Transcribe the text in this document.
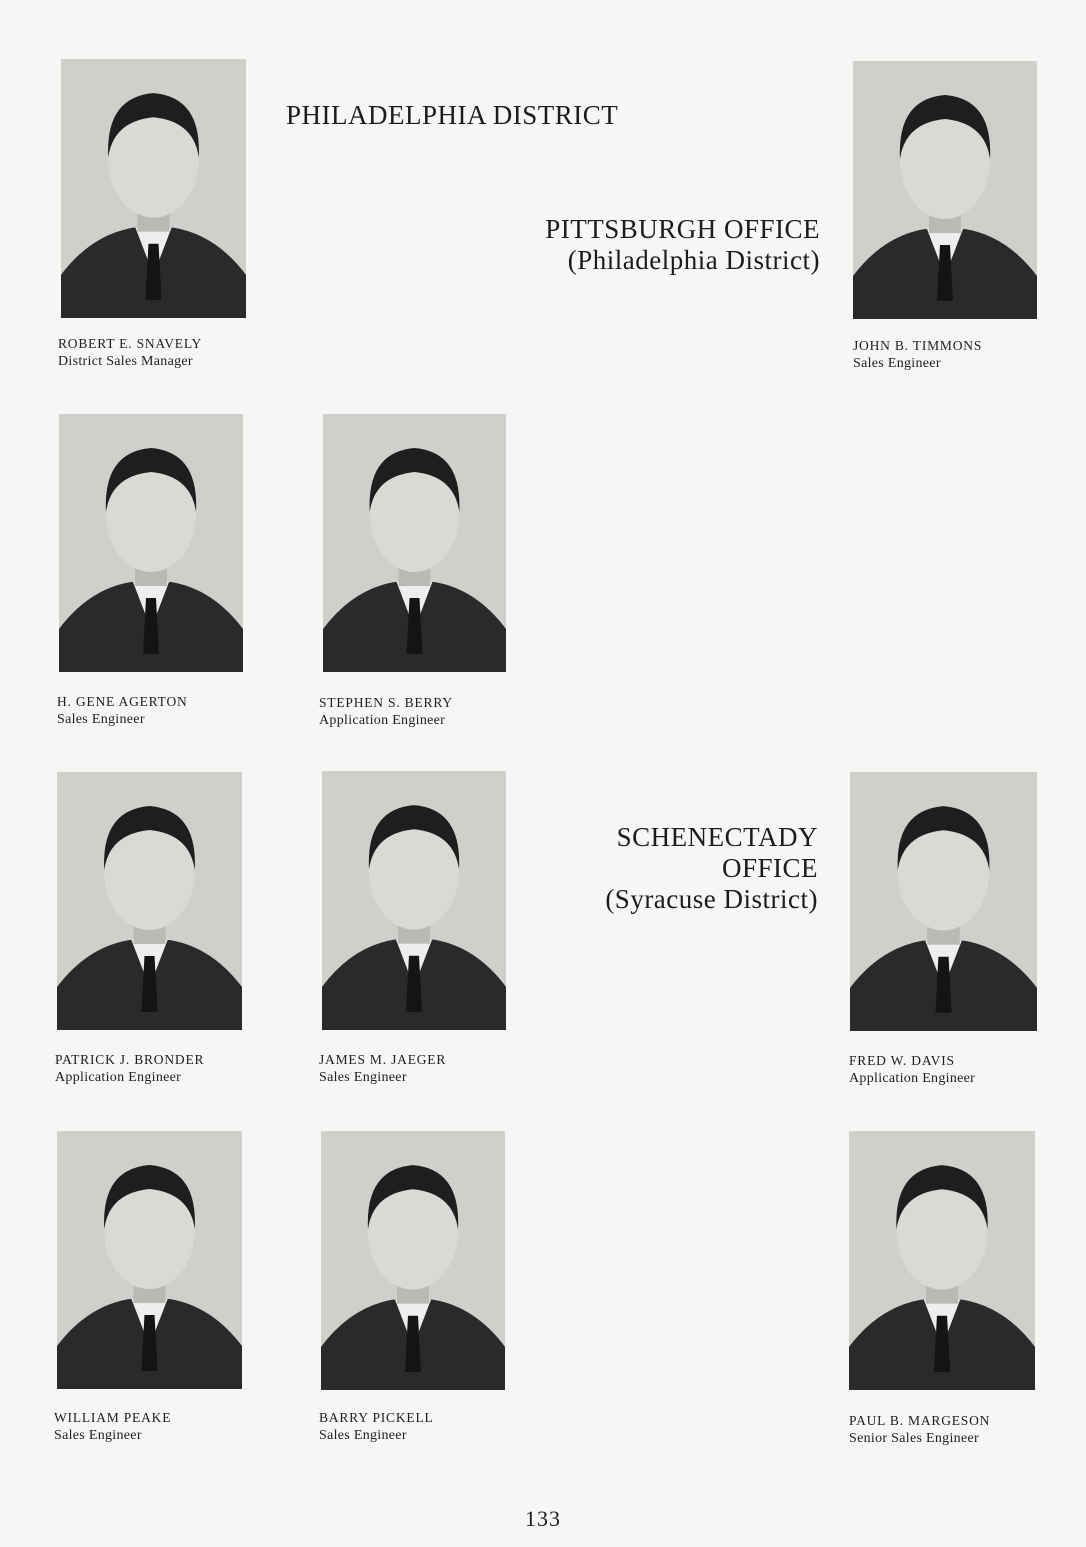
PHILADELPHIA DISTRICT
PITTSBURGH OFFICE
(Philadelphia District)
SCHENECTADY
OFFICE
(Syracuse District)
ROBERT E. SNAVELY
District Sales Manager
JOHN B. TIMMONS
Sales Engineer
H. GENE AGERTON
Sales Engineer
STEPHEN S. BERRY
Application Engineer
PATRICK J. BRONDER
Application Engineer
JAMES M. JAEGER
Sales Engineer
FRED W. DAVIS
Application Engineer
WILLIAM PEAKE
Sales Engineer
BARRY PICKELL
Sales Engineer
PAUL B. MARGESON
Senior Sales Engineer
133
